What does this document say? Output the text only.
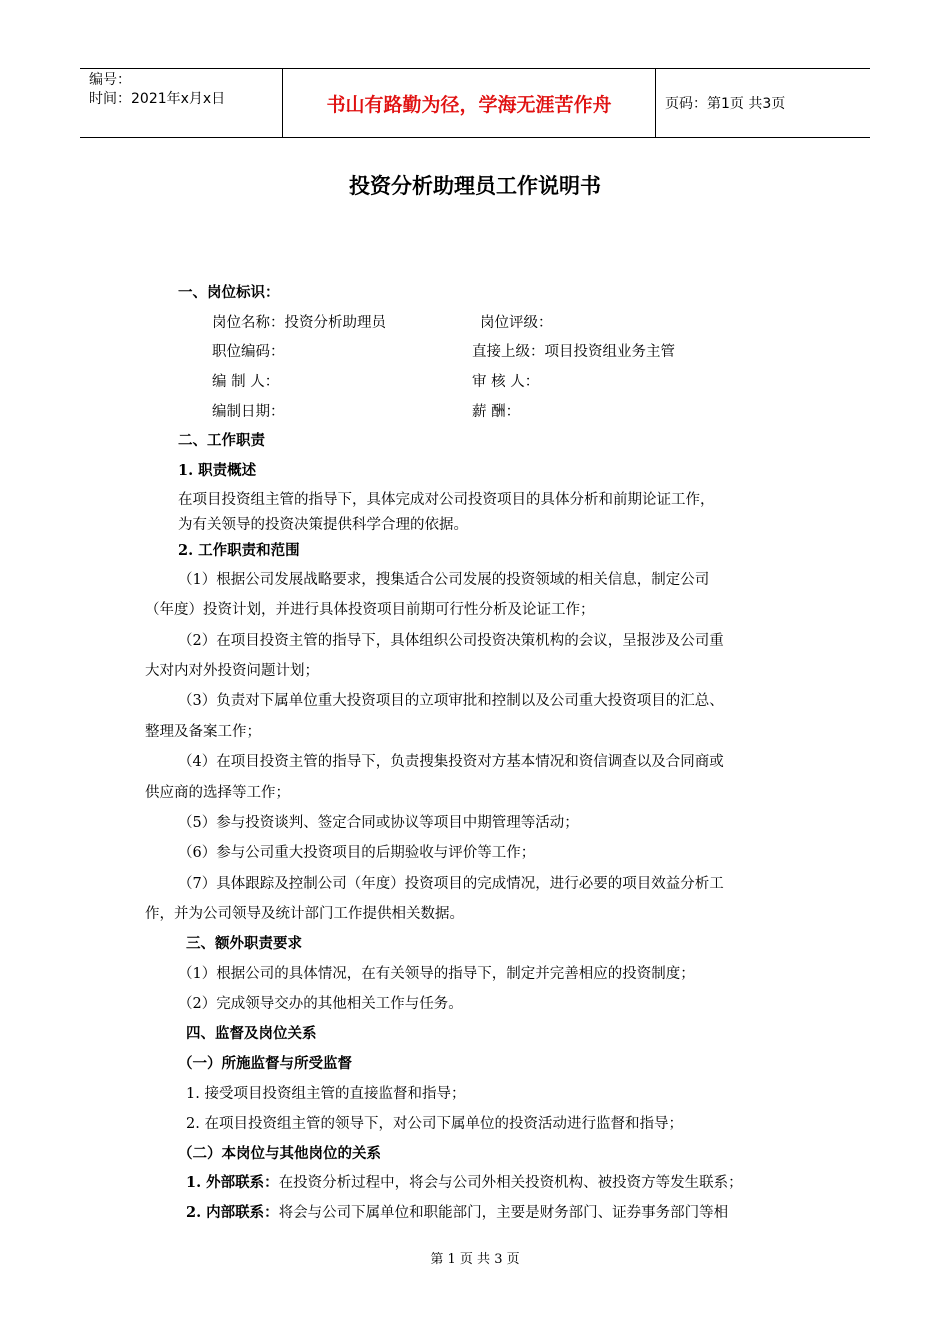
编号：
时间：2021年x月x日	书山有路勤为径，学海无涯苦作舟	页码：第1页 共3页
投资分析助理员工作说明书
一、岗位标识：
岗位名称：投资分析助理员	岗位评级：
职位编码：	直接上级：项目投资组业务主管
编 制 人：	审 核 人：
编制日期：	薪 酬：
二、工作职责
1. 职责概述
在项目投资组主管的指导下，具体完成对公司投资项目的具体分析和前期论证工作，
为有关领导的投资决策提供科学合理的依据。
2. 工作职责和范围
（1）根据公司发展战略要求，搜集适合公司发展的投资领域的相关信息，制定公司
（年度）投资计划，并进行具体投资项目前期可行性分析及论证工作；
（2）在项目投资主管的指导下，具体组织公司投资决策机构的会议，呈报涉及公司重
大对内对外投资问题计划；
（3）负责对下属单位重大投资项目的立项审批和控制以及公司重大投资项目的汇总、
整理及备案工作；
（4）在项目投资主管的指导下，负责搜集投资对方基本情况和资信调查以及合同商或
供应商的选择等工作；
（5）参与投资谈判、签定合同或协议等项目中期管理等活动；
（6）参与公司重大投资项目的后期验收与评价等工作；
（7）具体跟踪及控制公司（年度）投资项目的完成情况，进行必要的项目效益分析工
作，并为公司领导及统计部门工作提供相关数据。
三、额外职责要求
（1）根据公司的具体情况，在有关领导的指导下，制定并完善相应的投资制度；
（2）完成领导交办的其他相关工作与任务。
四、监督及岗位关系
（一）所施监督与所受监督
1. 接受项目投资组主管的直接监督和指导；
2. 在项目投资组主管的领导下，对公司下属单位的投资活动进行监督和指导；
（二）本岗位与其他岗位的关系
1. 外部联系：在投资分析过程中，将会与公司外相关投资机构、被投资方等发生联系；
2. 内部联系：将会与公司下属单位和职能部门，主要是财务部门、证券事务部门等相
第 1 页 共 3 页
